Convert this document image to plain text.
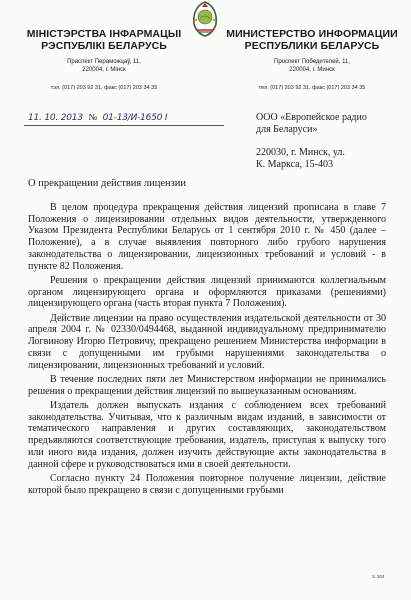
МІНІСТЭРСТВА ІНФАРМАЦЫІ
РЭСПУБЛІКІ БЕЛАРУСЬ
Праспект Пераможцаў, 11,
220004, г. Мінск
тэл. (017) 203 92 31, факс (017) 203 34 35
МИНИСТЕРСТВО ИНФОРМАЦИИ
РЕСПУБЛИКИ БЕЛАРУСЬ
Проспект Победителей, 11,
220004, г. Минск
тел. (017) 203 92 31, факс (017) 203 34 35
11. 10. 2013 № 01-13/И-1650 I	ООО «Европейское радио
для Беларуси»
220030, г. Минск, ул.
К. Маркса, 15-403
О прекращении действия лицензии

В целом процедура прекращения действия лицензий прописана в главе 7 Положения о лицензировании отдельных видов деятельности, утвержденного Указом Президента Республики Беларусь от 1 сентября 2010 г. № 450 (далее – Положение), а в случае выявления повторного либо грубого нарушения законодательства о лицензировании, лицензионных требований и условий - в пункте 82 Положения.

Решения о прекращении действия лицензий принимаются коллегиальным органом лицензирующего органа и оформляются приказами (решениями) лицензирующего органа (часть вторая пункта 7 Положения).

Действие лицензии на право осуществления издательской деятельности от 30 апреля 2004 г. № 02330/0494468, выданной индивидуальному предпринимателю Логвинову Игорю Петровичу, прекращено решением Министерства информации в связи с допущенными им грубыми нарушениями законодательства о лицензировании, лицензионных требований и условий.

В течение последних пяти лет Министерством информации не принимались решения о прекращении действия лицензий по вышеуказанным основаниям.

Издатель должен выпускать издания с соблюдением всех требований законодательства. Учитывая, что к различным видам изданий, в зависимости от тематического направления и других составляющих, законодательством предъявляются соответствующие требования, издатель, приступая к выпуску того или иного вида издания, должен изучить действующие акты законодательства в данной сфере и руководствоваться ими в своей деятельности.

Согласно пункту 24 Положения повторное получение лицензии, действие которой было прекращено в связи с допущенными грубыми

3. 304
